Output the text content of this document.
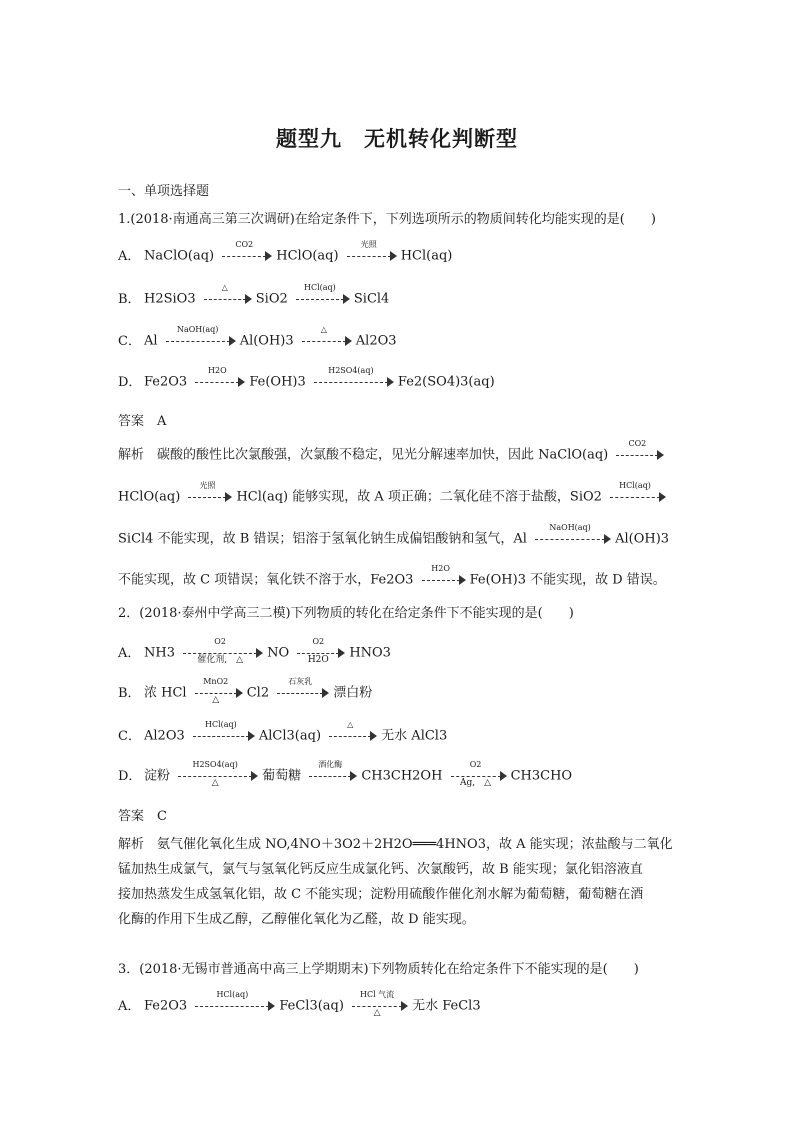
题型九 无机转化判断型
一、单项选择题
1.(2018·南通高三第三次调研)在给定条件下，下列选项所示的物质间转化均能实现的是(　　)
A． NaClO(aq)
CO2
HClO(aq)
光照
HCl(aq)
B． H2SiO3
△
SiO2
HCl(aq)
SiCl4
C． Al
NaOH(aq)
Al(OH)3
△
Al2O3
D． Fe2O3
H2O
Fe(OH)3
H2SO4(aq)
Fe2(SO4)3(aq)
答案　A
解析　碳酸的酸性比次氯酸强，次氯酸不稳定，见光分解速率加快，因此 NaClO(aq)
CO2
HClO(aq)
光照
HCl(aq) 能够实现，故 A 项正确；二氧化硅不溶于盐酸，SiO2
HCl(aq)
SiCl4 不能实现，故 B 错误；铝溶于氢氧化钠生成偏铝酸钠和氢气，Al
NaOH(aq)
Al(OH)3
不能实现，故 C 项错误；氧化铁不溶于水，Fe2O3
H2O
Fe(OH)3 不能实现，故 D 错误。
2．(2018·泰州中学高三二模)下列物质的转化在给定条件下不能实现的是(　　)
A． NH3
O2
催化剂,　△	NO $\frac{O2}{H2O} HNO3$
B． 浓 HCl
MnO2
△	Cl2
石灰乳
漂白粉
C． Al2O3
HCl(aq)
AlCl3(aq)
△
无水 AlCl3
D． 淀粉
H2SO4(aq)
△	葡萄糖
酒化酶
$CH3CH2OH \frac{O2}{Ag, \triangle} CH3CHO$
答案　C
解析　氨气催化氧化生成 NO,4NO＋3O2＋2H2O═══4HNO3，故 A 能实现；浓盐酸与二氧化
锰加热生成氯气，氯气与氢氧化钙反应生成氯化钙、次氯酸钙，故 B 能实现；氯化铝溶液直
接加热蒸发生成氢氧化铝，故 C 不能实现；淀粉用硫酸作催化剂水解为葡萄糖，葡萄糖在酒
化酶的作用下生成乙醇，乙醇催化氧化为乙醛，故 D 能实现。
3．(2018·无锡市普通高中高三上学期期末)下列物质转化在给定条件下不能实现的是(　　)
A． Fe2O3
HCl(aq)
FeCl3(aq)
HCl 气流
△	无水 FeCl3
